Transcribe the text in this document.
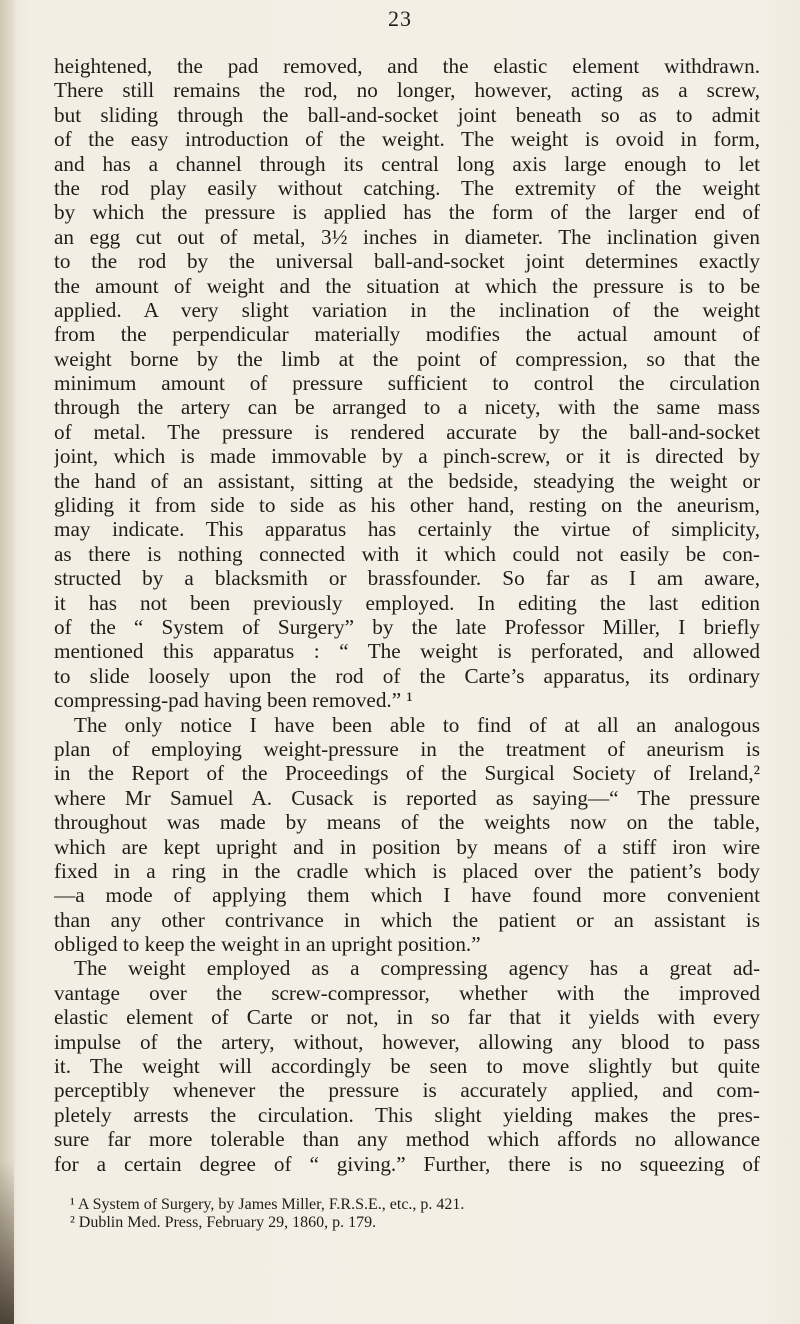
23
heightened, the pad removed, and the elastic element withdrawn.
There still remains the rod, no longer, however, acting as a screw,
but sliding through the ball-and-socket joint beneath so as to admit
of the easy introduction of the weight. The weight is ovoid in form,
and has a channel through its central long axis large enough to let
the rod play easily without catching. The extremity of the weight
by which the pressure is applied has the form of the larger end of
an egg cut out of metal, 3½ inches in diameter. The inclination given
to the rod by the universal ball-and-socket joint determines exactly
the amount of weight and the situation at which the pressure is to be
applied. A very slight variation in the inclination of the weight
from the perpendicular materially modifies the actual amount of
weight borne by the limb at the point of compression, so that the
minimum amount of pressure sufficient to control the circulation
through the artery can be arranged to a nicety, with the same mass
of metal. The pressure is rendered accurate by the ball-and-socket
joint, which is made immovable by a pinch-screw, or it is directed by
the hand of an assistant, sitting at the bedside, steadying the weight or
gliding it from side to side as his other hand, resting on the aneurism,
may indicate. This apparatus has certainly the virtue of simplicity,
as there is nothing connected with it which could not easily be con-
structed by a blacksmith or brassfounder. So far as I am aware,
it has not been previously employed. In editing the last edition
of the “ System of Surgery” by the late Professor Miller, I briefly
mentioned this apparatus : “ The weight is perforated, and allowed
to slide loosely upon the rod of the Carte’s apparatus, its ordinary
compressing-pad having been removed.” ¹
The only notice I have been able to find of at all an analogous
plan of employing weight-pressure in the treatment of aneurism is
in the Report of the Proceedings of the Surgical Society of Ireland,²
where Mr Samuel A. Cusack is reported as saying—“ The pressure
throughout was made by means of the weights now on the table,
which are kept upright and in position by means of a stiff iron wire
fixed in a ring in the cradle which is placed over the patient’s body
—a mode of applying them which I have found more convenient
than any other contrivance in which the patient or an assistant is
obliged to keep the weight in an upright position.”
The weight employed as a compressing agency has a great ad-
vantage over the screw-compressor, whether with the improved
elastic element of Carte or not, in so far that it yields with every
impulse of the artery, without, however, allowing any blood to pass
it. The weight will accordingly be seen to move slightly but quite
perceptibly whenever the pressure is accurately applied, and com-
pletely arrests the circulation. This slight yielding makes the pres-
sure far more tolerable than any method which affords no allowance
for a certain degree of “ giving.” Further, there is no squeezing of
¹ A System of Surgery, by James Miller, F.R.S.E., etc., p. 421.
² Dublin Med. Press, February 29, 1860, p. 179.
